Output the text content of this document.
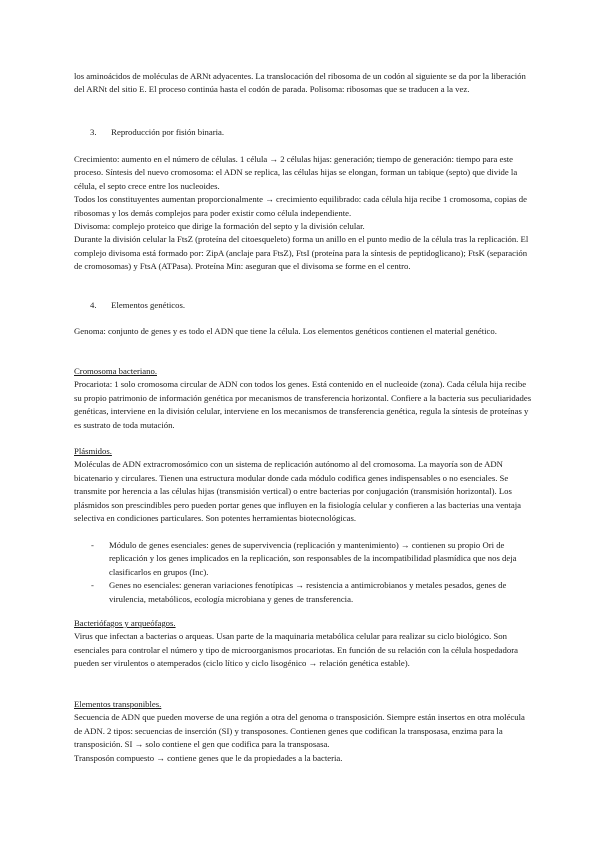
los aminoácidos de moléculas de ARNt adyacentes. La translocación del ribosoma de un codón al siguiente se da por la liberación del ARNt del sitio E. El proceso continúa hasta el codón de parada. Polisoma: ribosomas que se traducen a la vez.

3. Reproducción por fisión binaria.
Crecimiento: aumento en el número de células. 1 célula → 2 células hijas: generación; tiempo de generación: tiempo para este proceso. Síntesis del nuevo cromosoma: el ADN se replica, las células hijas se elongan, forman un tabique (septo) que divide la célula, el septo crece entre los nucleoides.
Todos los constituyentes aumentan proporcionalmente → crecimiento equilibrado: cada célula hija recibe 1 cromosoma, copias de ribosomas y los demás complejos para poder existir como célula independiente.
Divisoma: complejo proteico que dirige la formación del septo y la división celular.
Durante la división celular la FtsZ (proteína del citoesqueleto) forma un anillo en el punto medio de la célula tras la replicación. El complejo divisoma está formado por: ZipA (anclaje para FtsZ), FtsI (proteína para la síntesis de peptidoglicano); FtsK (separación de cromosomas) y FtsA (ATPasa). Proteína Min: aseguran que el divisoma se forme en el centro.
4. Elementos genéticos.

Genoma: conjunto de genes y es todo el ADN que tiene la célula. Los elementos genéticos contienen el material genético.

Cromosoma bacteriano.
Procariota: 1 solo cromosoma circular de ADN con todos los genes. Está contenido en el nucleoide (zona). Cada célula hija recibe su propio patrimonio de información genética por mecanismos de transferencia horizontal. Confiere a la bacteria sus peculiaridades genéticas, interviene en la división celular, interviene en los mecanismos de transferencia genética, regula la síntesis de proteínas y es sustrato de toda mutación.
Plásmidos.
Moléculas de ADN extracromosómico con un sistema de replicación autónomo al del cromosoma. La mayoría son de ADN bicatenario y circulares. Tienen una estructura modular donde cada módulo codifica genes indispensables o no esenciales. Se transmite por herencia a las células hijas (transmisión vertical) o entre bacterias por conjugación (transmisión horizontal). Los plásmidos son prescindibles pero pueden portar genes que influyen en la fisiología celular y confieren a las bacterias una ventaja selectiva en condiciones particulares. Son potentes herramientas biotecnológicas.
- Módulo de genes esenciales: genes de supervivencia (replicación y mantenimiento) → contienen su propio Ori de replicación y los genes implicados en la replicación, son responsables de la incompatibilidad plasmídica que nos deja clasificarlos en grupos (Inc).
- Genes no esenciales: generan variaciones fenotípicas → resistencia a antimicrobianos y metales pesados, genes de virulencia, metabólicos, ecología microbiana y genes de transferencia.
Bacteriófagos y arqueófagos.
Virus que infectan a bacterias o arqueas. Usan parte de la maquinaria metabólica celular para realizar su ciclo biológico. Son esenciales para controlar el número y tipo de microorganismos procariotas. En función de su relación con la célula hospedadora pueden ser virulentos o atemperados (ciclo lítico y ciclo lisogénico → relación genética estable).
Elementos transponibles.
Secuencia de ADN que pueden moverse de una región a otra del genoma o transposición. Siempre están insertos en otra molécula de ADN. 2 tipos: secuencias de inserción (SI) y transposones. Contienen genes que codifican la transposasa, enzima para la transposición. SI → solo contiene el gen que codifica para la transposasa.
Transposón compuesto → contiene genes que le da propiedades a la bacteria.
